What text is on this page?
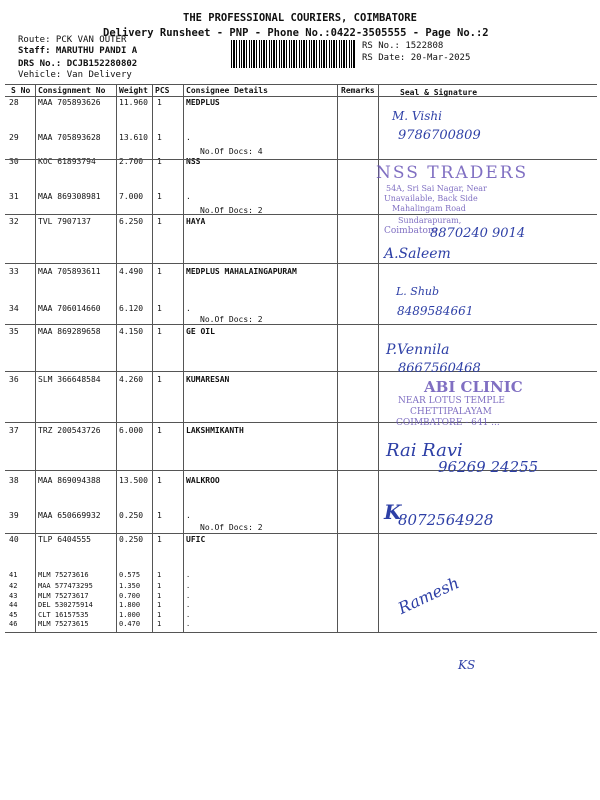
THE PROFESSIONAL COURIERS, COIMBATORE
Delivery Runsheet - PNP - Phone No.:0422-3505555 - Page No.:2
Route: PCK VAN OUTER
Staff: MARUTHU PANDI A
DRS No.: DCJB152280802
Vehicle: Van Delivery
RS No.: 1522808
RS Date: 20-Mar-2025
S No Consignment No Weight PCS Consignee Details	Remarks	Seal & Signature
28 MAA 705893626 11.960 1	MEDPLUS
29 MAA 705893628 13.610 1	.
No.Of Docs: 4
30 KOC 61893794	2.700 1	NSS
31 MAA 869308981 7.000 1	.
No.Of Docs: 2
32 TVL 7907137	6.250 1	HAYA
33 MAA 705893611 4.490 1	MEDPLUS MAHALAINGAPURAM
34 MAA 706014660 6.120 1	.
No.Of Docs: 2
35 MAA 869289658 4.150 1	GE OIL
36 SLM 366648584 4.260 1	KUMARESAN
37 TRZ 200543726 6.000 1	LAKSHMIKANTH
38 MAA 869094388 13.500 1	WALKROO
39 MAA 650669932 0.250 1	.
No.Of Docs: 2
40 TLP 6404555	0.250 1	UFIC
41	MLM 75273616	0.575 1	.
42	MAA 577473295	1.350 1	.
43	MLM 75273617	0.700 1	.
44	DEL 530275914	1.800 1	.
45	CLT 16157535	1.000 1	.
46	MLM 75273615	0.470 1	.
M. Vishi
9786700809
NSS TRADERS
54A, Sri Sai Nagar, Near
Unavailable, Back Side
Mahalingam Road
Sundarapuram,
Coimbatore
8870240 9014
A.Saleem
L. Shub
8489584661
P.Vennila
8667560468
ABI CLINIC
NEAR LOTUS TEMPLE
CHETTIPALAYAM
COIMBATORE - 641 ...
Rai Ravi
96269 24255
K
8072564928
Ramesh
KS
